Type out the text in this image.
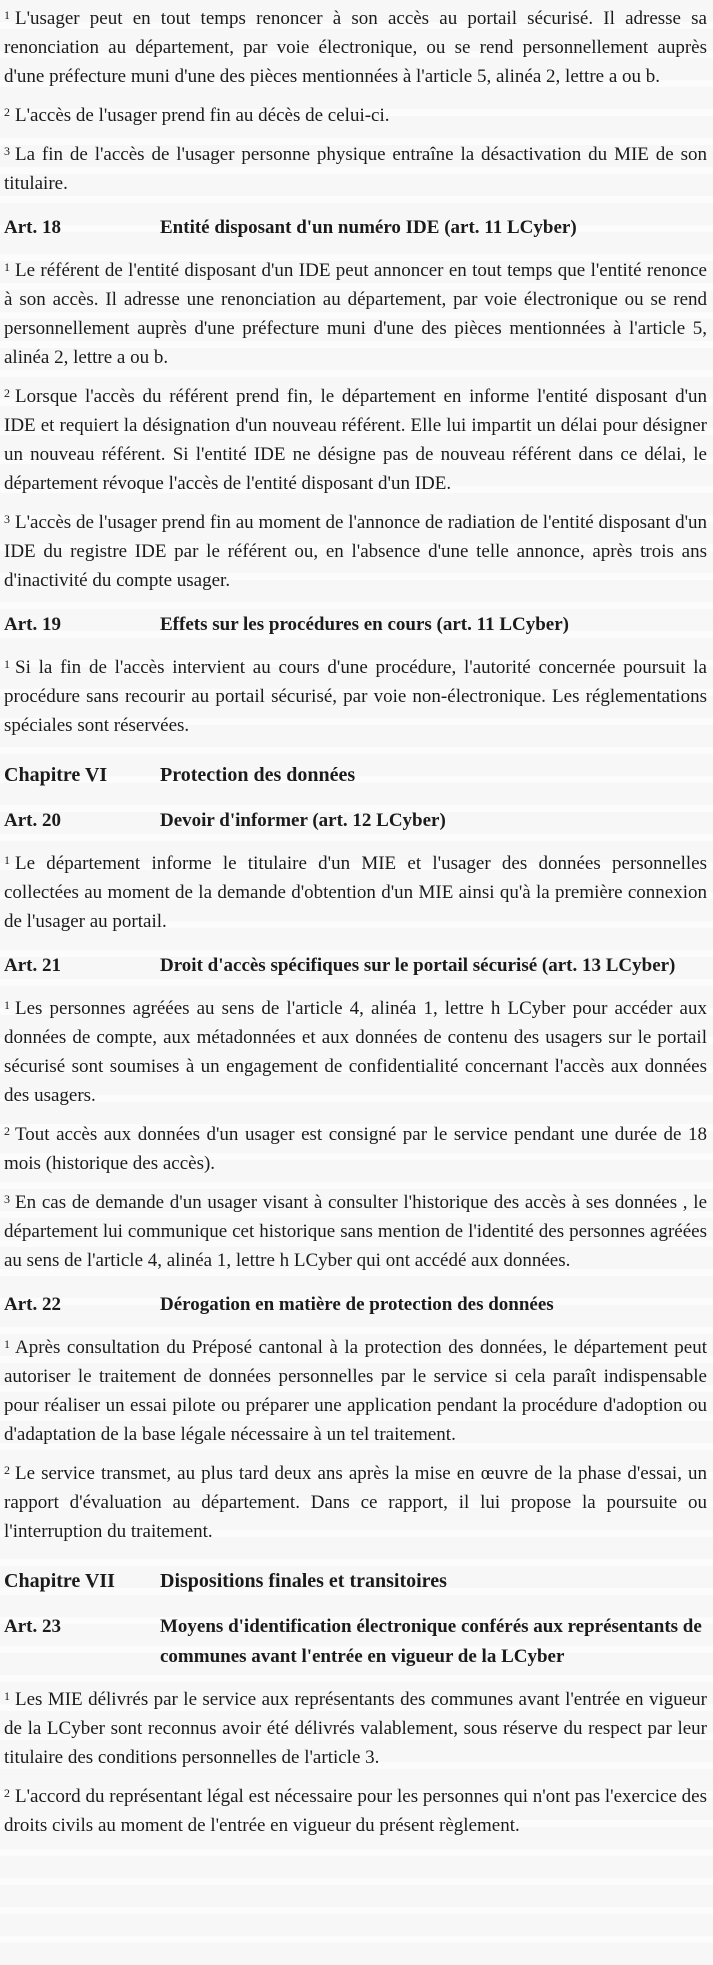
$^1$ L'usager peut en tout temps renoncer à son accès au portail sécurisé. Il adresse sa renonciation au département, par voie électronique, ou se rend personnellement auprès d'une préfecture muni d'une des pièces mentionnées à l'article 5, alinéa 2, lettre a ou b.

$^2$ L'accès de l'usager prend fin au décès de celui-ci.

$^3$ La fin de l'accès de l'usager personne physique entraîne la désactivation du MIE de son titulaire.

Art. 18	Entité disposant d'un numéro IDE (art. 11 LCyber)

$^1$ Le référent de l'entité disposant d'un IDE peut annoncer en tout temps que l'entité renonce à son accès. Il adresse une renonciation au département, par voie électronique ou se rend personnellement auprès d'une préfecture muni d'une des pièces mentionnées à l'article 5, alinéa 2, lettre a ou b.

$^2$ Lorsque l'accès du référent prend fin, le département en informe l'entité disposant d'un IDE et requiert la désignation d'un nouveau référent. Elle lui impartit un délai pour désigner un nouveau référent. Si l'entité IDE ne désigne pas de nouveau référent dans ce délai, le département révoque l'accès de l'entité disposant d'un IDE.

$^3$ L'accès de l'usager prend fin au moment de l'annonce de radiation de l'entité disposant d'un IDE du registre IDE par le référent ou, en l'absence d'une telle annonce, après trois ans d'inactivité du compte usager.

Art. 19	Effets sur les procédures en cours (art. 11 LCyber)

$^1$ Si la fin de l'accès intervient au cours d'une procédure, l'autorité concernée poursuit la procédure sans recourir au portail sécurisé, par voie non-électronique. Les réglementations spéciales sont réservées.

Chapitre VI	Protection des données
Art. 20	Devoir d'informer (art. 12 LCyber)

$^1$ Le département informe le titulaire d'un MIE et l'usager des données personnelles collectées au moment de la demande d'obtention d'un MIE ainsi qu'à la première connexion de l'usager au portail.

Art. 21	Droit d'accès spécifiques sur le portail sécurisé (art. 13 LCyber)

$^1$ Les personnes agréées au sens de l'article 4, alinéa 1, lettre h LCyber pour accéder aux données de compte, aux métadonnées et aux données de contenu des usagers sur le portail sécurisé sont soumises à un engagement de confidentialité concernant l'accès aux données des usagers.

$^2$ Tout accès aux données d'un usager est consigné par le service pendant une durée de 18 mois (historique des accès).

$^3$ En cas de demande d'un usager visant à consulter l'historique des accès à ses données , le département lui communique cet historique sans mention de l'identité des personnes agréées au sens de l'article 4, alinéa 1, lettre h LCyber qui ont accédé aux données.

Art. 22	Dérogation en matière de protection des données

$^1$ Après consultation du Préposé cantonal à la protection des données, le département peut autoriser le traitement de données personnelles par le service si cela paraît indispensable pour réaliser un essai pilote ou préparer une application pendant la procédure d'adoption ou d'adaptation de la base légale nécessaire à un tel traitement.

$^2$ Le service transmet, au plus tard deux ans après la mise en œuvre de la phase d'essai, un rapport d'évaluation au département. Dans ce rapport, il lui propose la poursuite ou l'interruption du traitement.

Chapitre VII	Dispositions finales et transitoires
Art. 23	Moyens d'identification électronique conférés aux représentants de communes avant l'entrée en vigueur de la LCyber

$^1$ Les MIE délivrés par le service aux représentants des communes avant l'entrée en vigueur de la LCyber sont reconnus avoir été délivrés valablement, sous réserve du respect par leur titulaire des conditions personnelles de l'article 3.

$^2$ L'accord du représentant légal est nécessaire pour les personnes qui n'ont pas l'exercice des droits civils au moment de l'entrée en vigueur du présent règlement.
